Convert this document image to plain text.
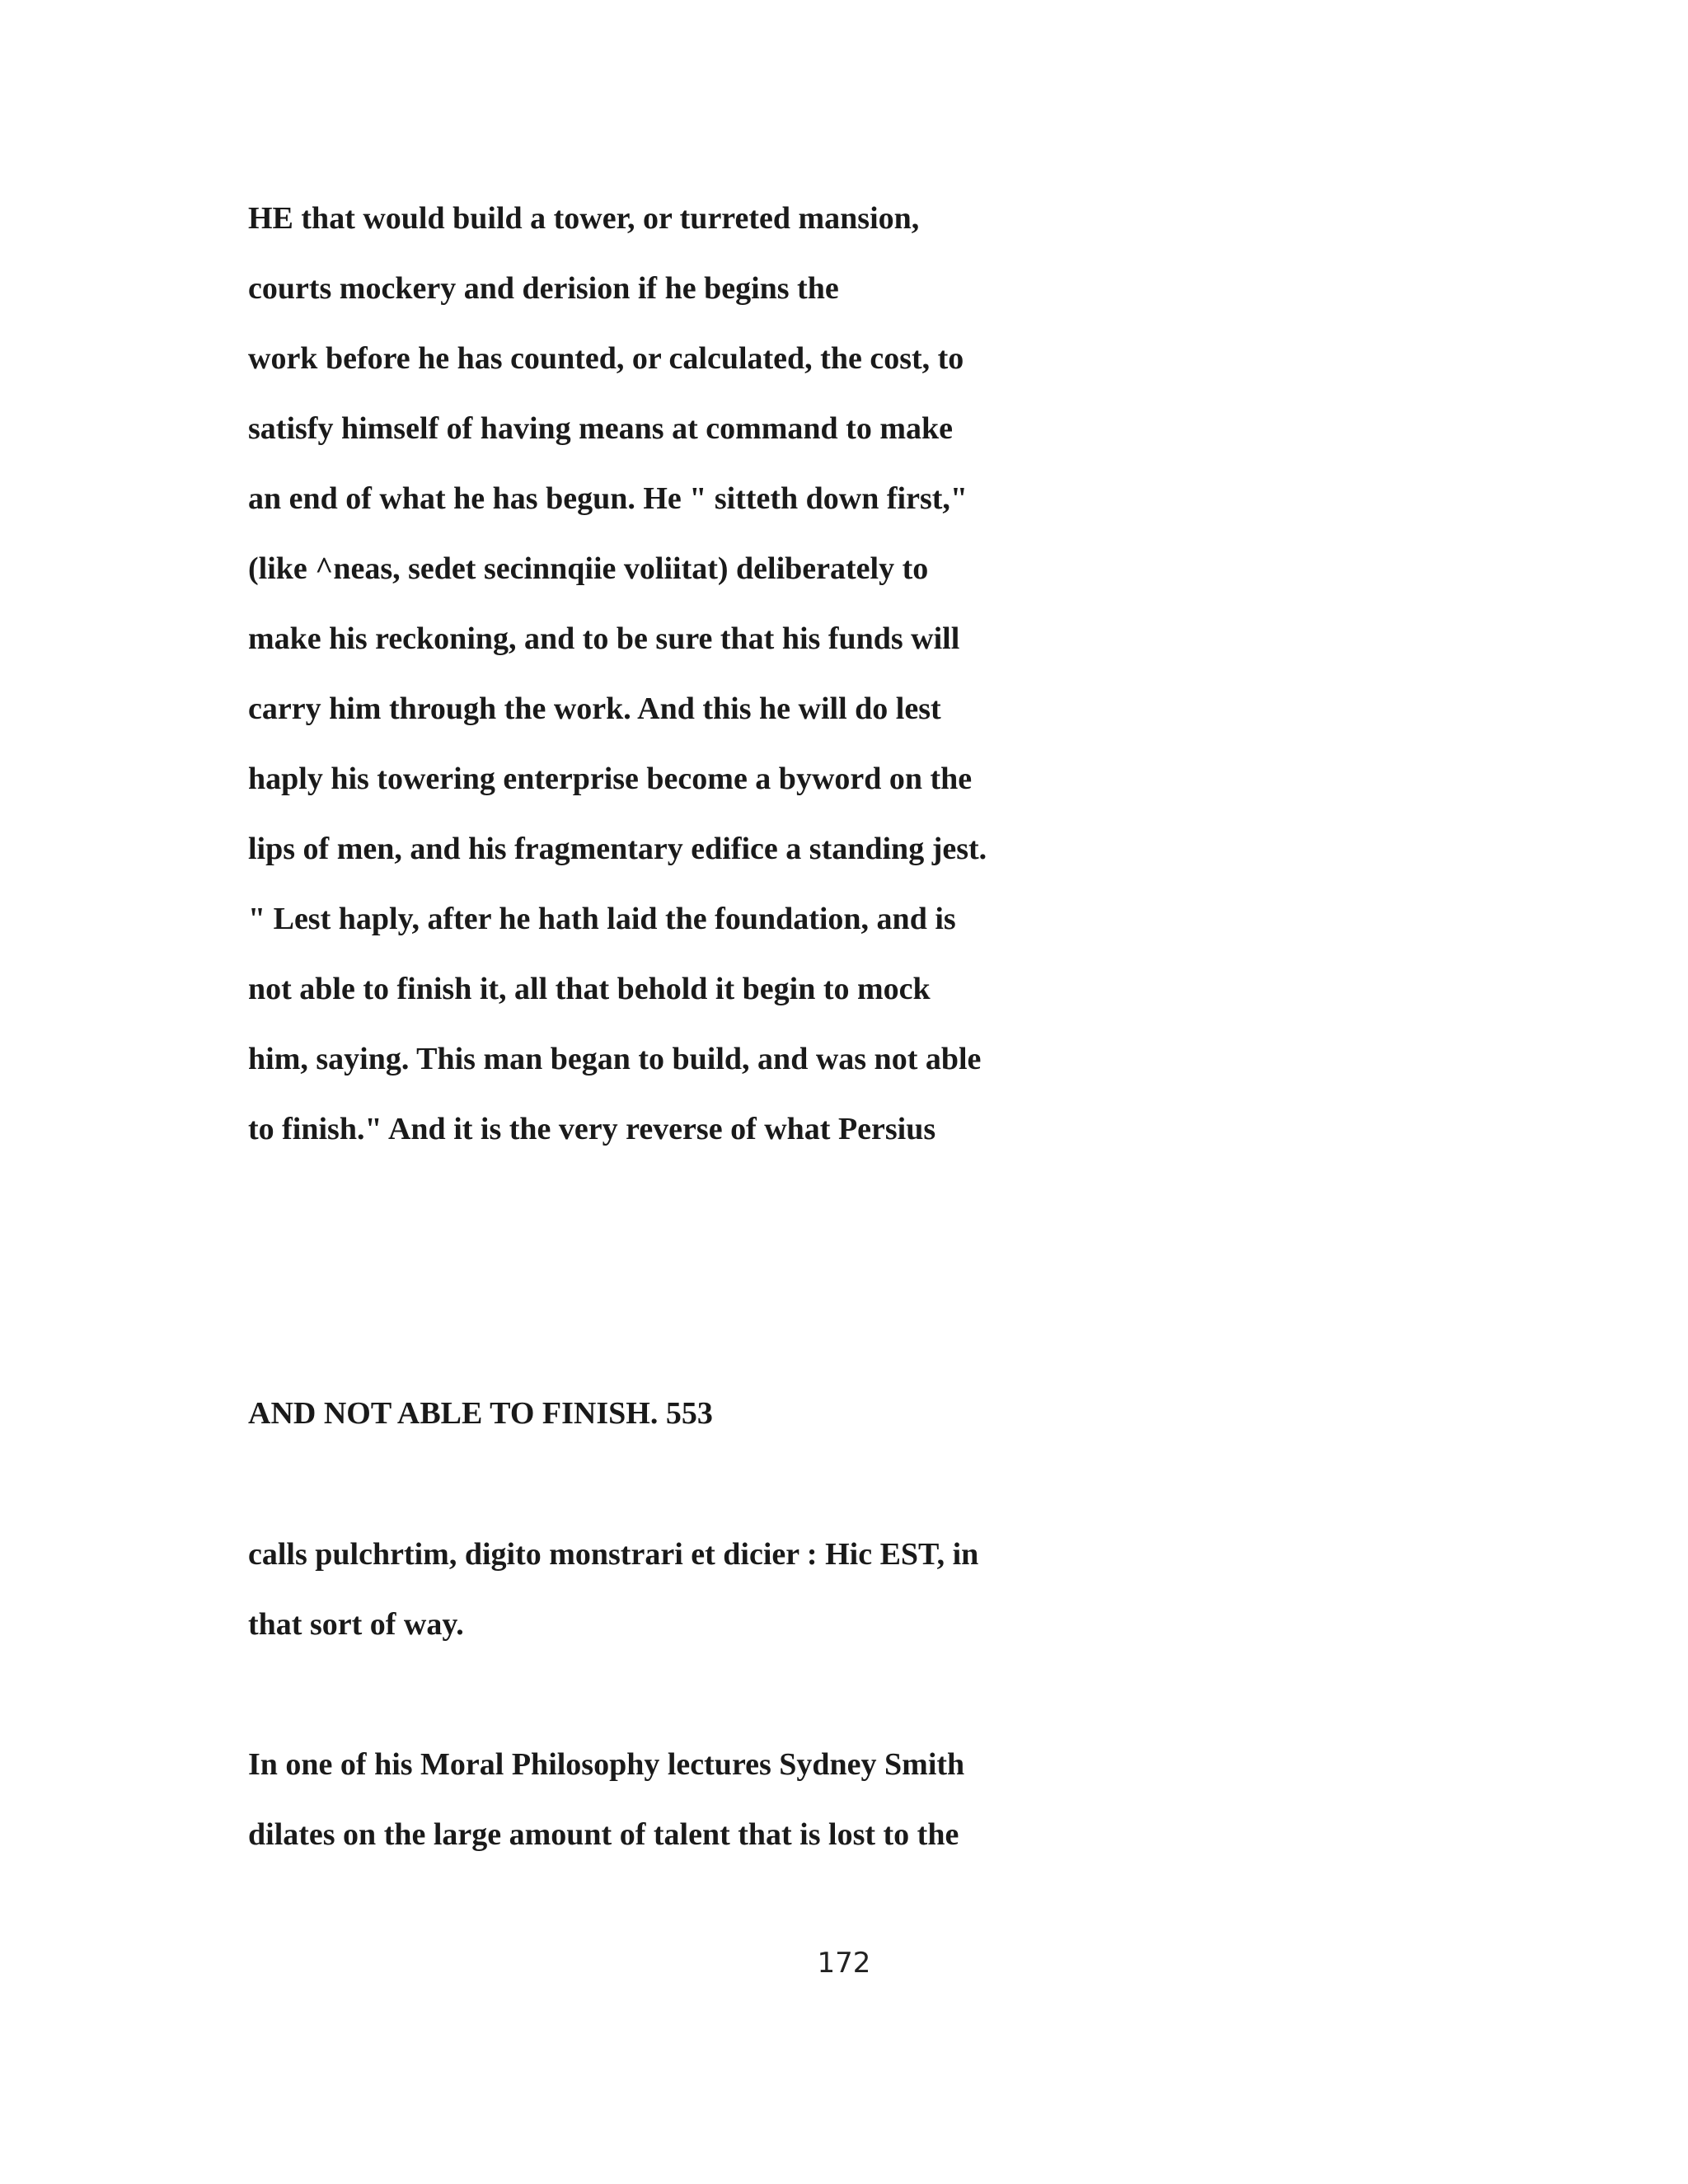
HE that would build a tower, or turreted mansion,

courts mockery and derision if he begins the

work before he has counted, or calculated, the cost, to

satisfy himself of having means at command to make

an end of what he has begun. He " sitteth down first,"

(like ^neas, sedet secinnqiie voliitat) deliberately to

make his reckoning, and to be sure that his funds will

carry him through the work. And this he will do lest

haply his towering enterprise become a byword on the

lips of men, and his fragmentary edifice a standing jest.

" Lest haply, after he hath laid the foundation, and is

not able to finish it, all that behold it begin to mock

him, saying. This man began to build, and was not able

to finish." And it is the very reverse of what Persius

AND NOT ABLE TO FINISH. 553

calls pulchrtim, digito monstrari et dicier : Hic EST, in

that sort of way.

In one of his Moral Philosophy lectures Sydney Smith

dilates on the large amount of talent that is lost to the

172
